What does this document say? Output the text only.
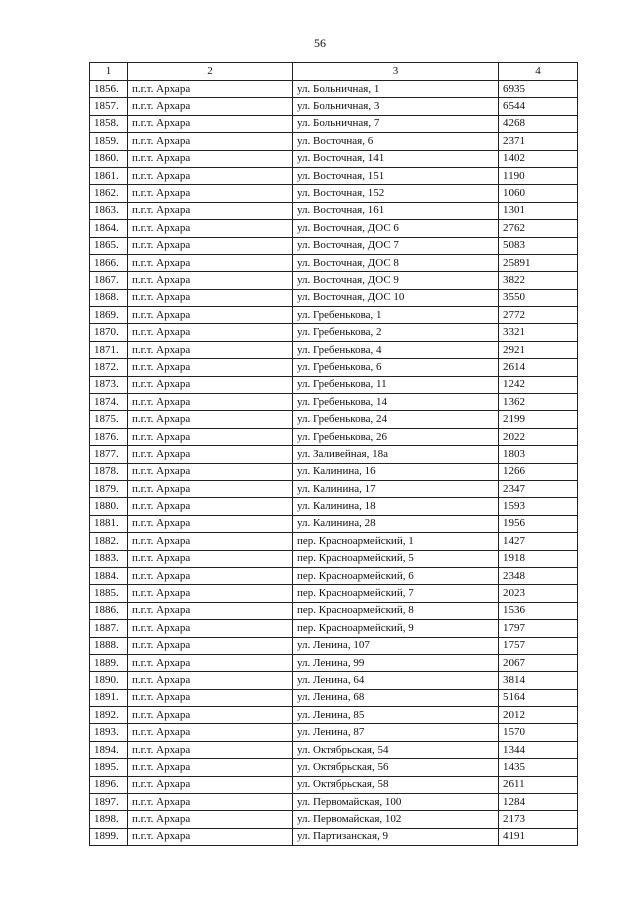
56
1	2	3	4
1856.	п.г.т. Архара	ул. Больничная, 1	6935
1857.	п.г.т. Архара	ул. Больничная, 3	6544
1858.	п.г.т. Архара	ул. Больничная, 7	4268
1859.	п.г.т. Архара	ул. Восточная, 6	2371
1860.	п.г.т. Архара	ул. Восточная, 141	1402
1861.	п.г.т. Архара	ул. Восточная, 151	1190
1862.	п.г.т. Архара	ул. Восточная, 152	1060
1863.	п.г.т. Архара	ул. Восточная, 161	1301
1864.	п.г.т. Архара	ул. Восточная, ДОС 6	2762
1865.	п.г.т. Архара	ул. Восточная, ДОС 7	5083
1866.	п.г.т. Архара	ул. Восточная, ДОС 8	25891
1867.	п.г.т. Архара	ул. Восточная, ДОС 9	3822
1868.	п.г.т. Архара	ул. Восточная, ДОС 10	3550
1869.	п.г.т. Архара	ул. Гребенькова, 1	2772
1870.	п.г.т. Архара	ул. Гребенькова, 2	3321
1871.	п.г.т. Архара	ул. Гребенькова, 4	2921
1872.	п.г.т. Архара	ул. Гребенькова, 6	2614
1873.	п.г.т. Архара	ул. Гребенькова, 11	1242
1874.	п.г.т. Архара	ул. Гребенькова, 14	1362
1875.	п.г.т. Архара	ул. Гребенькова, 24	2199
1876.	п.г.т. Архара	ул. Гребенькова, 26	2022
1877.	п.г.т. Архара	ул. Заливейная, 18а	1803
1878.	п.г.т. Архара	ул. Калинина, 16	1266
1879.	п.г.т. Архара	ул. Калинина, 17	2347
1880.	п.г.т. Архара	ул. Калинина, 18	1593
1881.	п.г.т. Архара	ул. Калинина, 28	1956
1882.	п.г.т. Архара	пер. Красноармейский, 1	1427
1883.	п.г.т. Архара	пер. Красноармейский, 5	1918
1884.	п.г.т. Архара	пер. Красноармейский, 6	2348
1885.	п.г.т. Архара	пер. Красноармейский, 7	2023
1886.	п.г.т. Архара	пер. Красноармейский, 8	1536
1887.	п.г.т. Архара	пер. Красноармейский, 9	1797
1888.	п.г.т. Архара	ул. Ленина, 107	1757
1889.	п.г.т. Архара	ул. Ленина, 99	2067
1890.	п.г.т. Архара	ул. Ленина, 64	3814
1891.	п.г.т. Архара	ул. Ленина, 68	5164
1892.	п.г.т. Архара	ул. Ленина, 85	2012
1893.	п.г.т. Архара	ул. Ленина, 87	1570
1894.	п.г.т. Архара	ул. Октябрьская, 54	1344
1895.	п.г.т. Архара	ул. Октябрьская, 56	1435
1896.	п.г.т. Архара	ул. Октябрьская, 58	2611
1897.	п.г.т. Архара	ул. Первомайская, 100	1284
1898.	п.г.т. Архара	ул. Первомайская, 102	2173
1899.	п.г.т. Архара	ул. Партизанская, 9	4191
